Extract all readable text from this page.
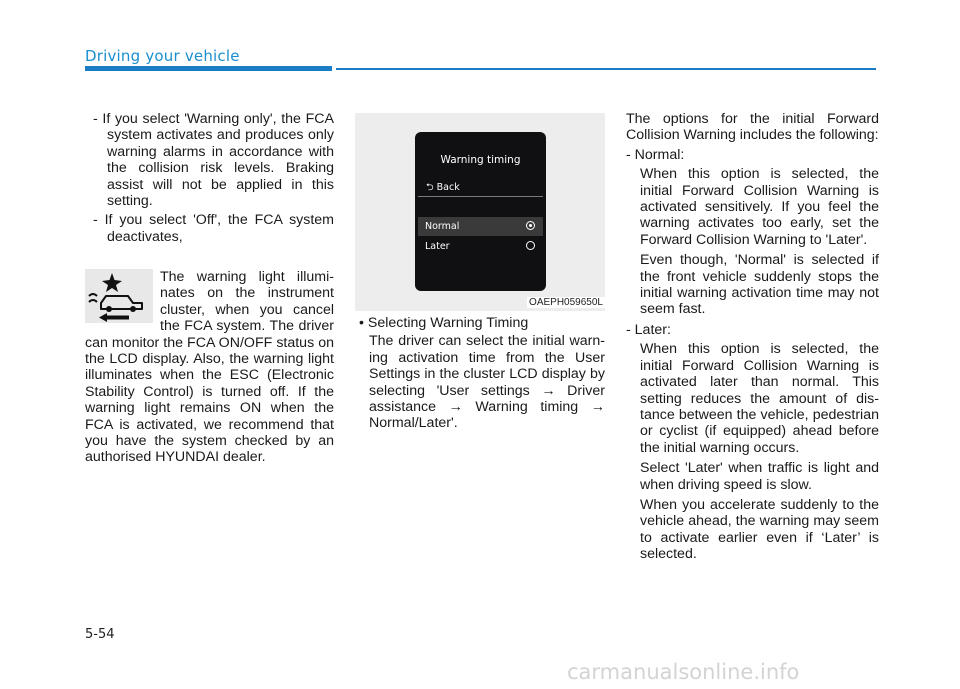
Driving your vehicle

- If you select 'Warning only', the FCA system activates and produces only warning alarms in accordance with the collision risk levels. Braking assist will not be applied in this setting.

- If you select 'Off', the FCA system deactivates,

The warning light illuminates on the instrument cluster, when you cancel the FCA system. The driver can monitor the FCA ON/OFF status on the LCD display. Also, the warning light illuminates when the ESC (Electronic Stability Control) is turned off. If the warning light remains ON when the FCA is activated, we recommend that you have the system checked by an authorised HYUNDAI dealer.
Warning timing
⮌ Back
Normal
Later
OAEPH059650L

• Selecting Warning Timing

The driver can select the initial warning activation time from the User Settings in the cluster LCD display by selecting 'User settings → Driver assistance → Warning timing → Normal/Later'.

The options for the initial Forward Collision Warning includes the following:

- Normal:

When this option is selected, the initial Forward Collision Warning is activated sensitively. If you feel the warning activates too early, set the Forward Collision Warning to 'Later'.

Even though, 'Normal' is selected if the front vehicle suddenly stops the initial warning activation time may not seem fast.

- Later:

When this option is selected, the initial Forward Collision Warning is activated later than normal. This setting reduces the amount of distance between the vehicle, pedestrian or cyclist (if equipped) ahead before the initial warning occurs.

Select 'Later' when traffic is light and when driving speed is slow.

When you accelerate suddenly to the vehicle ahead, the warning may seem to activate earlier even if ‘Later’ is selected.

5-54
carmanualsonline.info
